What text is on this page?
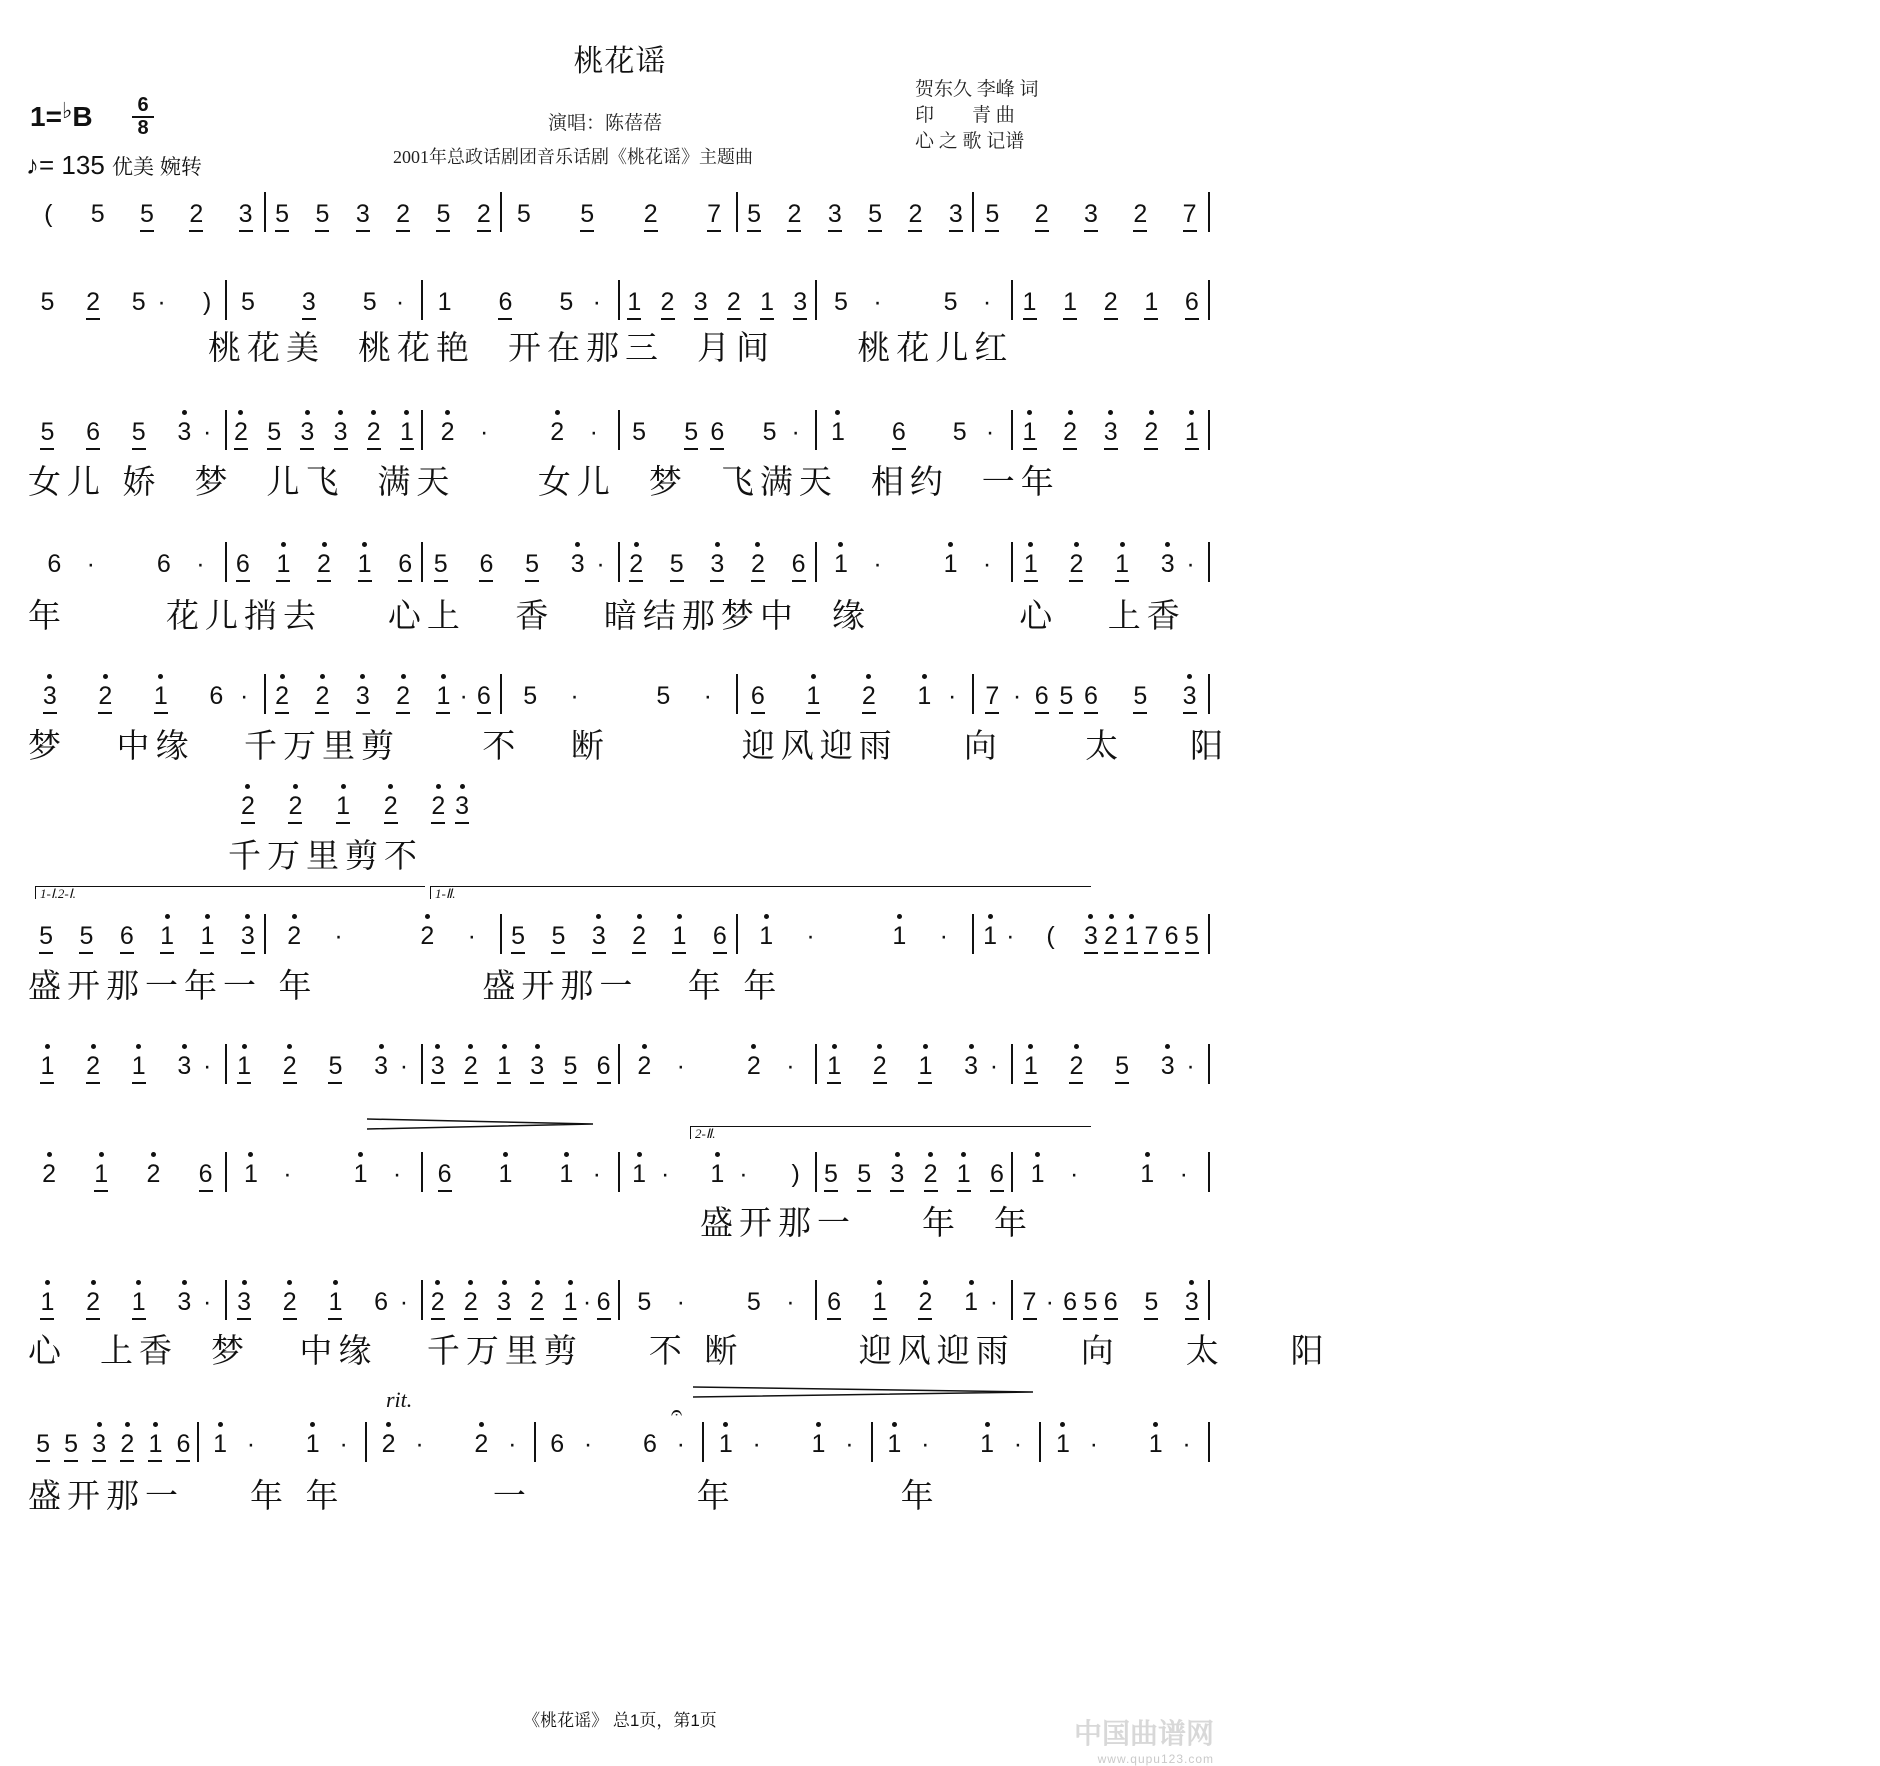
桃花谣
1=♭B 6
8
♪= 135 优美 婉转
演唱：陈蓓蓓
2001年总政话剧团音乐话剧《桃花谣》主题曲
贺东久 李峰 词
印　　青 曲
心 之 歌 记谱
(
5
5
2
3 5
5
3
2
5
2 5
5
2
7 5
2
3
5
2
3 5
2
3
2
7
5
2
5 ·
) 5
3
5 · 1
6
5 · 1
2
3
2
1
3 5 ·
5 · 1
1
2
1
6
5
6
5
3 · 2
5
3
3
2
1 2 ·
2 · 5
5 6
5 · 1
6
5 · 1
2
3
2
1
6 ·
6 · 6
1
2
1
6 5
6
5
3 · 2
5
3
2
6 1 ·
1 · 1
2
1
3 ·
3
2
1
6 · 2
2
3
2
1 · 6 5 ·
	5 · 6
1
2
1 · 7 · 6 5 6
5
3
2
2
1
2
2 3
5
5
6
1
1
3 2 ·
	2 · 5
5
3
2
1
6 1 ·
	1 · 1 ·
(
3 2 1 7 6 5
1
2
1
3 · 1
2
5
3 · 3
2
1
3
5
6 2 ·
2 · 1
2
1
3 · 1
2
5
3 ·
2
1
2
6 1 ·
1 · 6
1
1 · 1 ·
1 ·
) 5
5
3
2
1
6 1 ·
1 ·
1
2
1
3 · 3
2
1
6 · 2
2
3
2
1 · 6 5 ·
5 · 6
1
2
1 · 7 · 6 5 6
5
3
5
5
3
2
1
6 1 ·
1 · 2 ·
2 · 6 ·
6 · 1 ·
1 · 1 ·
1 · 1 ·
1 ·
桃花美  桃花艳  开在那三  月间     桃花儿红
女儿 娇  梦  儿飞  满天     女儿  梦  飞满天  相约  一年
年      花儿捎去    心上   香   暗结那梦中  缘         心   上香
梦   中缘   千万里剪     不   断        迎风迎雨    向     太    阳
千万里剪不
盛开那一年一 年          盛开那一   年 年
盛开那一    年  年
心  上香  梦   中缘   千万里剪    不 断       迎风迎雨    向    太    阳
盛开那一    年 年         一          年          年
1-Ⅰ.2-Ⅰ.	1-Ⅱ.
2-Ⅱ.
rit.
𝄐
《桃花谣》 总1页，第1页	中国曲谱网
www.qupu123.com
